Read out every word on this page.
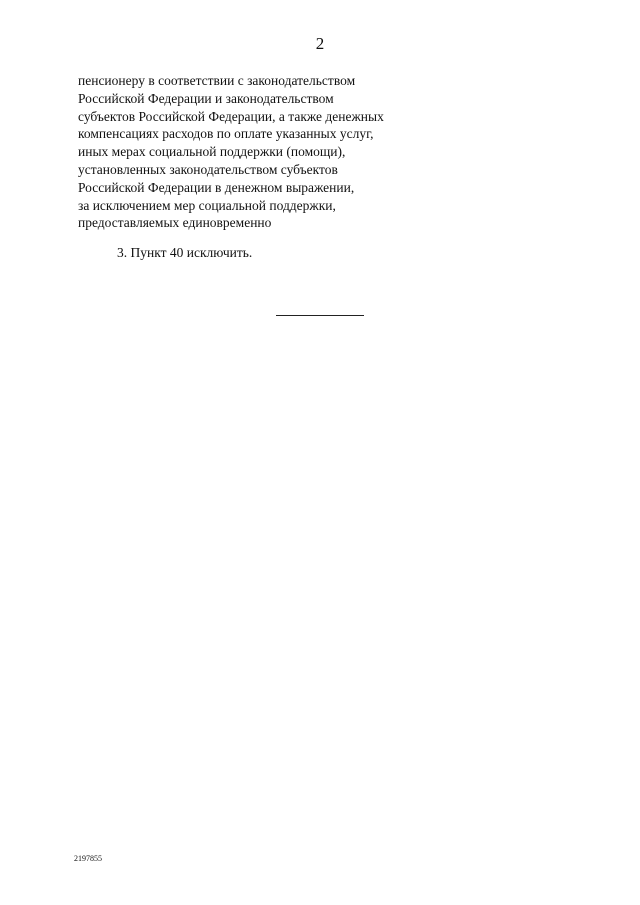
2
пенсионеру в соответствии с законодательством
Российской Федерации и законодательством
субъектов Российской Федерации, а также денежных
компенсациях расходов по оплате указанных услуг,
иных мерах социальной поддержки (помощи),
установленных законодательством субъектов
Российской Федерации в денежном выражении,
за исключением мер социальной поддержки,
предоставляемых единовременно
3. Пункт 40 исключить.
2197855
